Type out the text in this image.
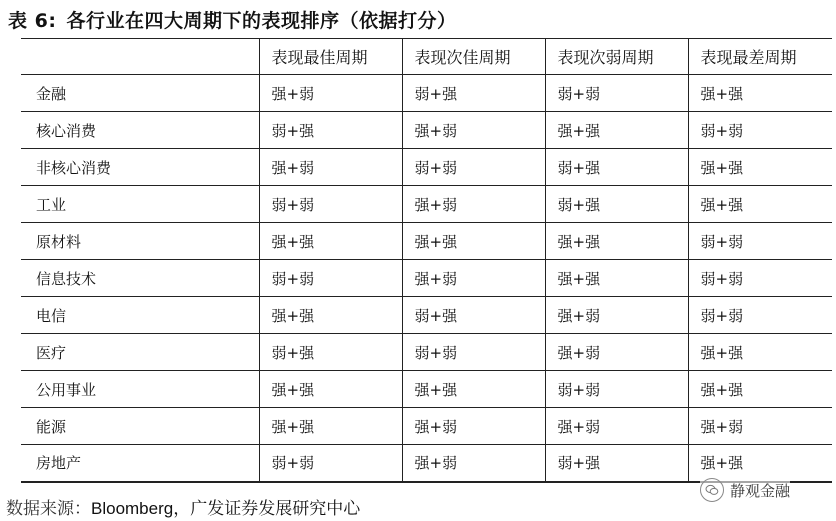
表 6: 各行业在四大周期下的表现排序（依据打分）
	表现最佳周期	表现次佳周期	表现次弱周期	表现最差周期
金融	强+弱	弱+强	弱+弱	强+强
核心消费	弱+强	强+弱	强+强	弱+弱
非核心消费	强+弱	弱+弱	弱+强	强+强
工业	弱+弱	强+弱	弱+强	强+强
原材料	强+强	强+强	强+强	弱+弱
信息技术	弱+弱	强+弱	强+强	弱+弱
电信	强+强	弱+强	强+弱	弱+弱
医疗	弱+强	弱+弱	强+弱	强+强
公用事业	强+强	强+强	弱+弱	强+强
能源	强+强	强+弱	强+弱	强+弱
房地产	弱+弱	强+弱	弱+强	强+强
数据来源：Bloomberg，广发证券发展研究中心
静观金融
